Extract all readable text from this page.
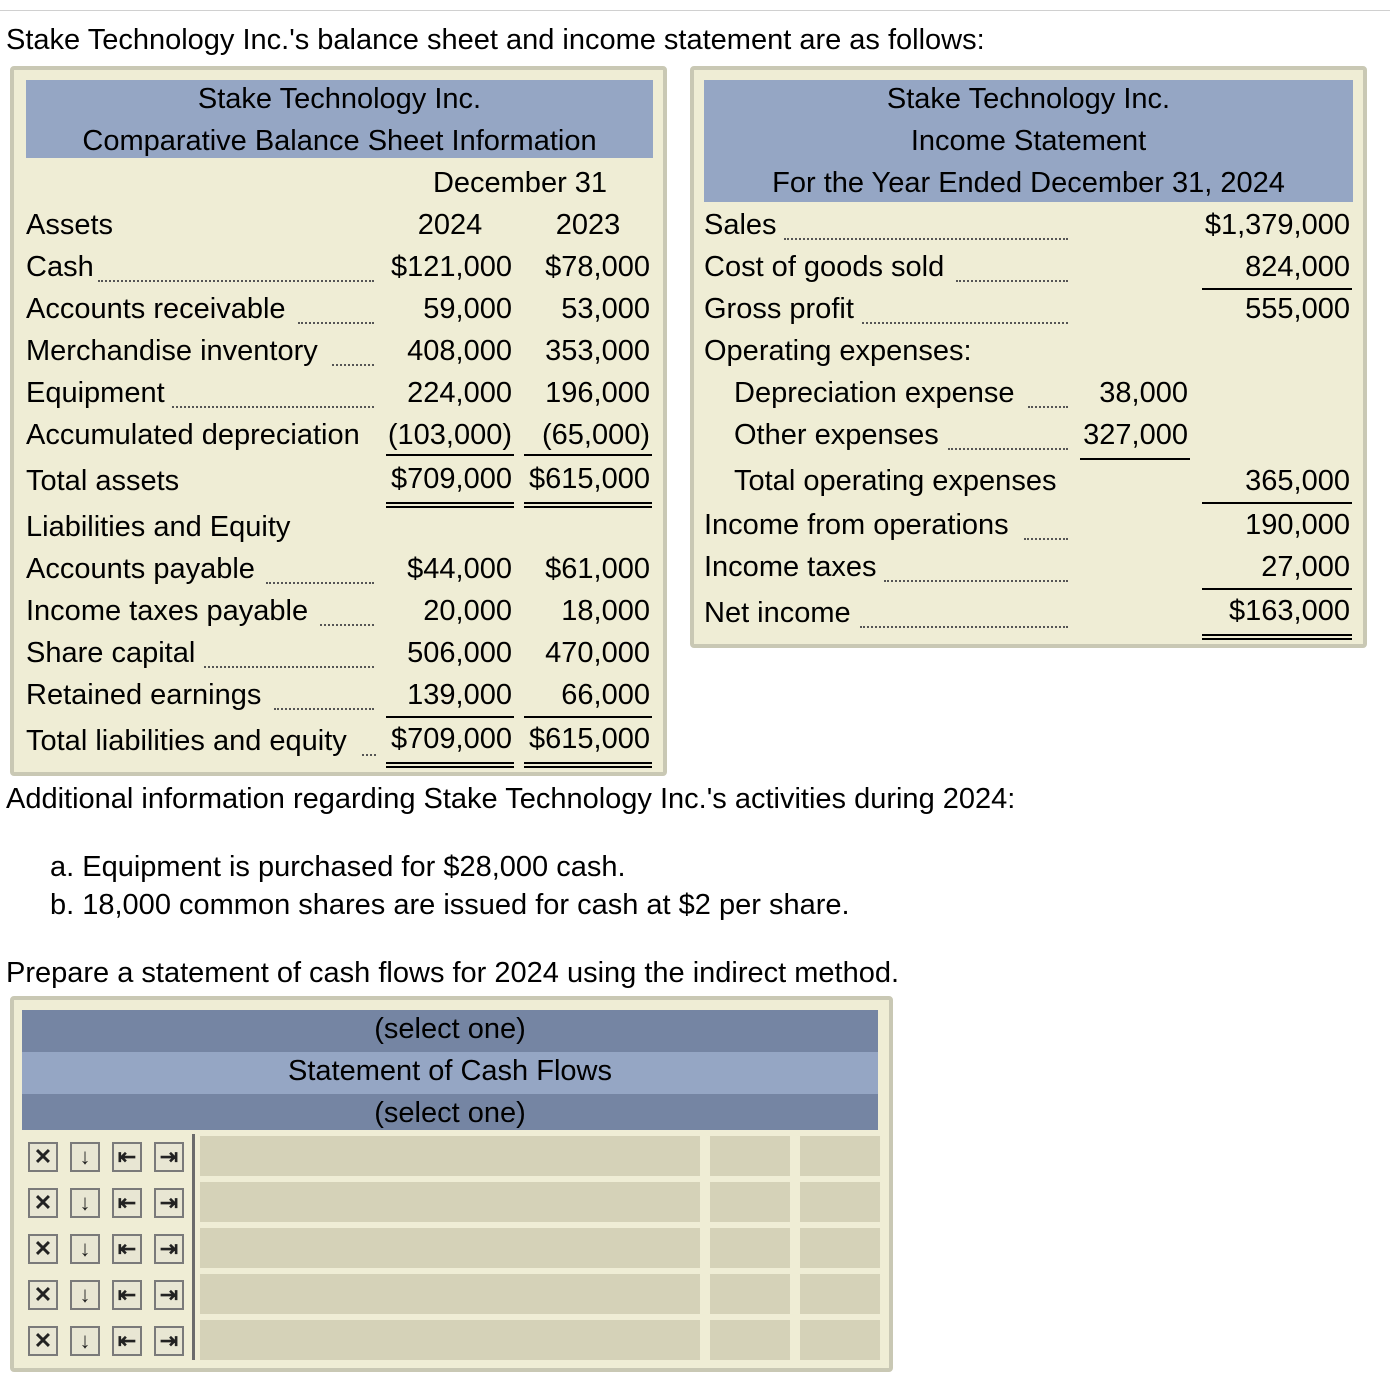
Stake Technology Inc.'s balance sheet and income statement are as follows:
Stake Technology Inc.
Comparative Balance Sheet Information
December 31
Assets	2024	2023
Cash	$121,000	$78,000
Accounts receivable	59,000	53,000
Merchandise inventory	408,000	353,000
Equipment	224,000	196,000
Accumulated depreciation (103,000)	(65,000)
Total assets	$709,000 $615,000
Liabilities and Equity
Accounts payable	$44,000	$61,000
Income taxes payable	20,000	18,000
Share capital	506,000	470,000
Retained earnings	139,000	66,000
Total liabilities and equity	$709,000 $615,000
Stake Technology Inc.
Income Statement
For the Year Ended December 31, 2024
Sales	$1,379,000
Cost of goods sold	824,000
Gross profit	555,000
Operating expenses:
Depreciation expense	38,000
Other expenses	327,000
Total operating expenses	365,000
Income from operations	190,000
Income taxes	27,000
Net income	$163,000
Additional information regarding Stake Technology Inc.'s activities during 2024:
a. Equipment is purchased for $28,000 cash.
b. 18,000 common shares are issued for cash at $2 per share.
Prepare a statement of cash flows for 2024 using the indirect method.
(select one)
Statement of Cash Flows
(select one)
✕	↓	⇤ ⇥
✕	↓	⇤ ⇥
✕	↓	⇤ ⇥
✕	↓	⇤ ⇥
✕	↓	⇤ ⇥
